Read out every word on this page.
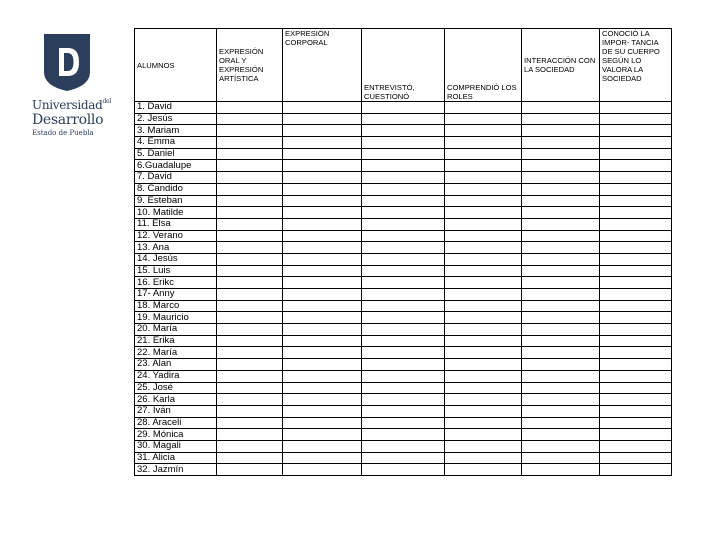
Universidad$^{del}$
Desarrollo
Estado de Puebla
ALUMNOS	EXPRESIÓN ORAL Y EXPRESIÓN ARTÍSTICA	EXPRESIÓN CORPORAL	ENTREVISTÓ, CUESTIONÓ	COMPRENDIÓ LOS ROLES	INTERACCIÓN CON LA SOCIEDAD	CONOCIÓ LA IMPOR- TANCIA DE SU CUERPO SEGÚN LO VALORA LA SOCIEDAD
1. David						
2. Jesús						
3. Mariam						
4. Emma						
5. Daniel						
6.Guadalupe						
7. David						
8. Candido						
9. Esteban						
10. Matilde						
11. Elsa						
12. Verano						
13. Ana						
14. Jesús						
15. Luis						
16. Erikc						
17- Anny						
18. Marco						
19. Mauricio						
20. María						
21. Erika						
22. María						
23. Alan						
24. Yadira						
25. José						
26. Karla						
27. Iván						
28. Araceli						
29. Mónica						
30. Magali						
31. Alicia						
32. Jazmín						
